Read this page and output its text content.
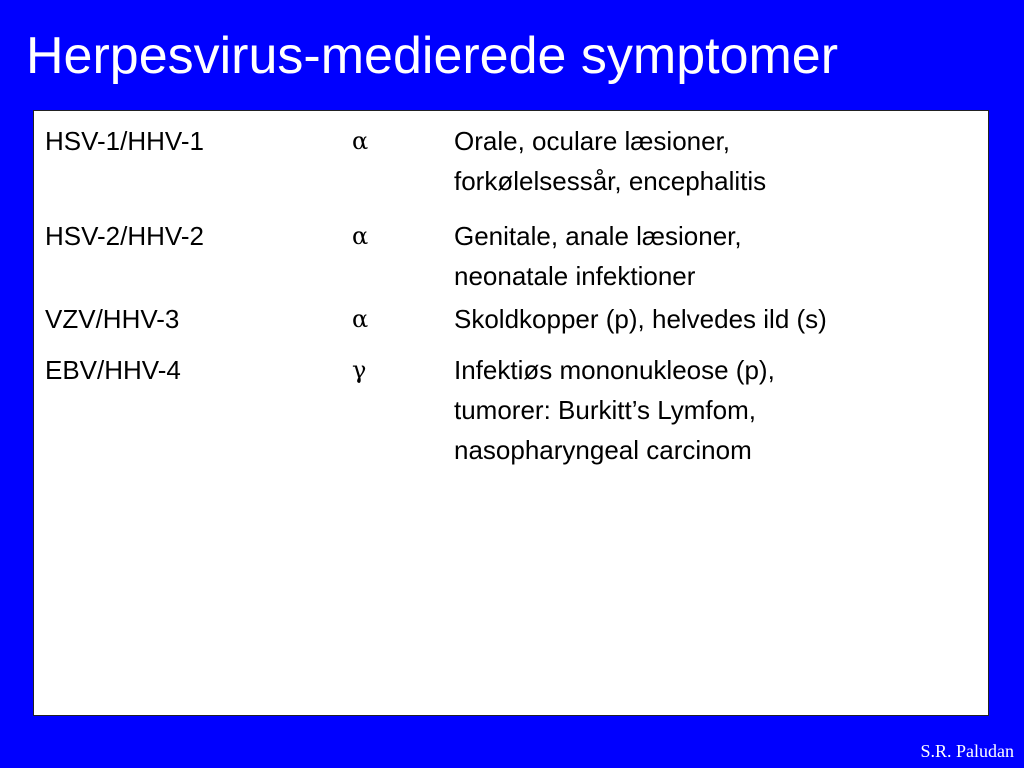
Herpesvirus-medierede symptomer
HSV-1/HHV-1	α	Orale, oculare læsioner,
forkølelsessår, encephalitis
HSV-2/HHV-2	α	Genitale, anale læsioner,
neonatale infektioner
VZV/HHV-3	α	Skoldkopper (p), helvedes ild (s)
EBV/HHV-4	γ	Infektiøs mononukleose (p),
tumorer: Burkitt’s Lymfom,
nasopharyngeal carcinom
S.R. Paludan
